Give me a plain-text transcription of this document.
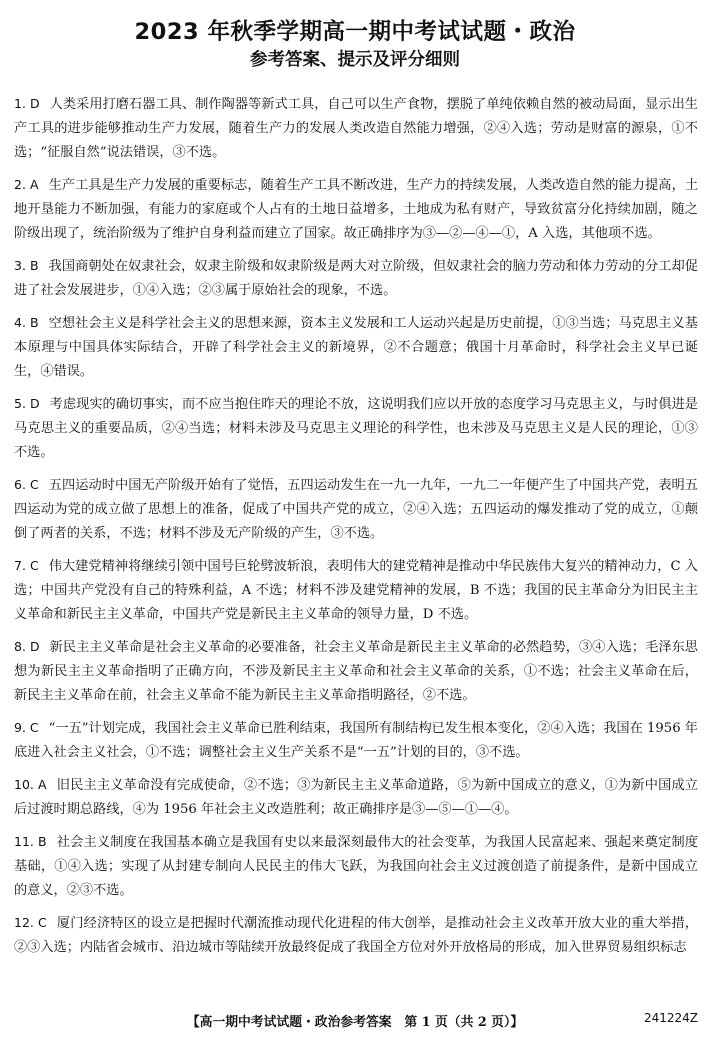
2023 年秋季学期高一期中考试试题・政治
参考答案、提示及评分细则
1. D 人类采用打磨石器工具、制作陶器等新式工具，自己可以生产食物，摆脱了单纯依赖自然的被动局面，显示出生产工具的进步能够推动生产力发展，随着生产力的发展人类改造自然能力增强，②④入选；劳动是财富的源泉，①不选；“征服自然”说法错误，③不选。
2. A 生产工具是生产力发展的重要标志，随着生产工具不断改进，生产力的持续发展，人类改造自然的能力提高，土地开垦能力不断加强，有能力的家庭或个人占有的土地日益增多，土地成为私有财产，导致贫富分化持续加剧，随之阶级出现了，统治阶级为了维护自身利益而建立了国家。故正确排序为③—②—④—①，A 入选，其他项不选。
3. B 我国商朝处在奴隶社会，奴隶主阶级和奴隶阶级是两大对立阶级，但奴隶社会的脑力劳动和体力劳动的分工却促进了社会发展进步，①④入选；②③属于原始社会的现象，不选。
4. B 空想社会主义是科学社会主义的思想来源，资本主义发展和工人运动兴起是历史前提，①③当选；马克思主义基本原理与中国具体实际结合，开辟了科学社会主义的新境界，②不合题意；俄国十月革命时，科学社会主义早已诞生，④错误。
5. D 考虑现实的确切事实，而不应当抱住昨天的理论不放，这说明我们应以开放的态度学习马克思主义，与时俱进是马克思主义的重要品质，②④当选；材料未涉及马克思主义理论的科学性，也未涉及马克思主义是人民的理论，①③不选。
6. C 五四运动时中国无产阶级开始有了觉悟，五四运动发生在一九一九年，一九二一年便产生了中国共产党，表明五四运动为党的成立做了思想上的准备，促成了中国共产党的成立，②④入选；五四运动的爆发推动了党的成立，①颠倒了两者的关系，不选；材料不涉及无产阶级的产生，③不选。
7. C 伟大建党精神将继续引领中国号巨轮劈波斩浪，表明伟大的建党精神是推动中华民族伟大复兴的精神动力，C 入选；中国共产党没有自己的特殊利益，A 不选；材料不涉及建党精神的发展，B 不选；我国的民主革命分为旧民主主义革命和新民主主义革命，中国共产党是新民主主义革命的领导力量，D 不选。
8. D 新民主主义革命是社会主义革命的必要准备，社会主义革命是新民主主义革命的必然趋势，③④入选；毛泽东思想为新民主主义革命指明了正确方向，不涉及新民主主义革命和社会主义革命的关系，①不选；社会主义革命在后，新民主主义革命在前，社会主义革命不能为新民主主义革命指明路径，②不选。
9. C “一五”计划完成，我国社会主义革命已胜利结束，我国所有制结构已发生根本变化，②④入选；我国在 1956 年底进入社会主义社会，①不选；调整社会主义生产关系不是“一五”计划的目的，③不选。
10. A 旧民主主义革命没有完成使命，②不选；③为新民主主义革命道路，⑤为新中国成立的意义，①为新中国成立后过渡时期总路线，④为 1956 年社会主义改造胜利；故正确排序是③—⑤—①—④。
11. B 社会主义制度在我国基本确立是我国有史以来最深刻最伟大的社会变革，为我国人民富起来、强起来奠定制度基础，①④入选；实现了从封建专制向人民民主的伟大飞跃，为我国向社会主义过渡创造了前提条件，是新中国成立的意义，②③不选。
12. C 厦门经济特区的设立是把握时代潮流推动现代化进程的伟大创举，是推动社会主义改革开放大业的重大举措，②③入选；内陆省会城市、沿边城市等陆续开放最终促成了我国全方位对外开放格局的形成，加入世界贸易组织标志
【高一期中考试试题・政治参考答案　第 1 页（共 2 页）】	241224Z
